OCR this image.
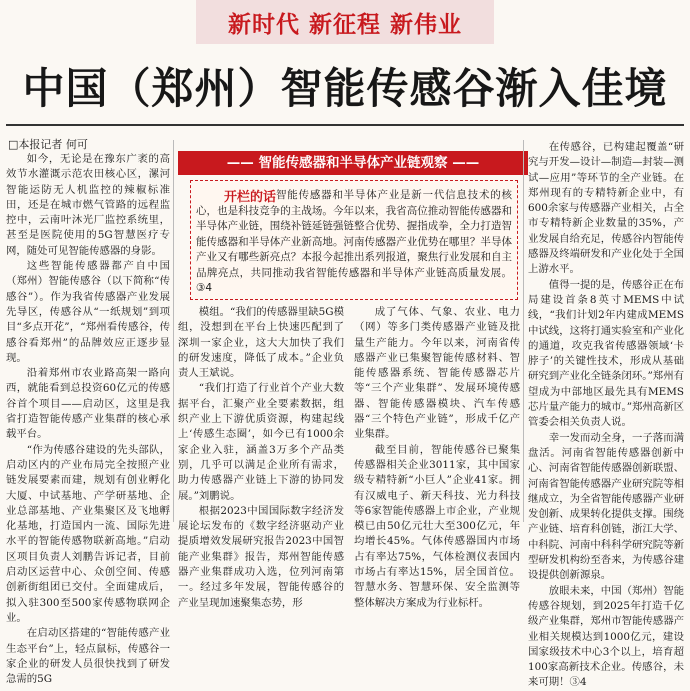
新时代 新征程 新伟业
中国（郑州）智能传感谷渐入佳境
□本报记者 何可
—— 智能传感器和半导体产业链观察 ——
智能传感器和半导体产业是新一代信息技术的核心，也是科技竞争的主战场。今年以来，我省高位推动智能传感器和半导体产业链，围绕补链延链强链整合优势、握指成拳，全力打造智能传感器和半导体产业新高地。河南传感器产业优势在哪里？半导体产业又有哪些新亮点？本报今起推出系列报道，聚焦行业发展和自主品牌亮点，共同推动我省智能传感器和半导体产业链高质量发展。③4
开栏的话

如今，无论是在豫东广袤的高效节水灌溉示范农田核心区，漯河智能运防无人机监控的辣椒标准田，还是在城市燃气管路的远程监控中，云南叶沐光厂监控系统里，甚至是医院使用的5G智慧医疗专网，随处可见智能传感器的身影。

这些智能传感器都产自中国（郑州）智能传感谷（以下简称“传感谷”）。作为我省传感器产业发展先导区，传感谷从“一纸规划”到项目“多点开花”，“郑州看传感谷，传感谷看郑州”的品牌效应正逐步显现。

沿着郑州市农业路高架一路向西，就能看到总投资60亿元的传感谷首个项目——启动区，这里是我省打造智能传感产业集群的核心承载平台。

“作为传感谷建设的先头部队，启动区内的产业布局完全按照产业链发展要素而建，规划有创业孵化大厦、中试基地、产学研基地、企业总部基地、产业集聚区及飞地孵化基地，打造国内一流、国际先进水平的智能传感物联新高地。”启动区项目负责人刘鹏告诉记者，目前启动区运营中心、众创空间、传感创新街组团已交付。全面建成后，拟入驻300至500家传感物联网企业。

在启动区搭建的“智能传感产业生态平台”上，轻点鼠标，传感谷一家企业的研发人员很快找到了研发急需的5G

模组。“我们的传感器里缺5G模组，没想到在平台上快速匹配到了深圳一家企业，这大大加快了我们的研发速度，降低了成本。”企业负责人王斌说。

“我们打造了行业首个产业大数据平台，汇聚产业全要素数据，组织产业上下游优质资源，构建起线上‘传感生态圈’，如今已有1000余家企业入驻，涵盖3万多个产品类别，几乎可以满足企业所有需求，助力传感器产业链上下游的协同发展。”刘鹏说。

根据2023中国国际数字经济发展论坛发布的《数字经济驱动产业提质增效发展研究报告2023中国智能产业集群》报告，郑州智能传感器产业集群成功入选，位列河南第一。经过多年发展，智能传感谷的产业呈现加速聚集态势，形

成了气体、气象、农业、电力（网）等多门类传感器产业链及批量生产能力。今年以来，河南省传感器产业已集聚智能传感材料、智能传感器系统、智能传感器芯片等“三个产业集群”、发展环境传感器、智能传感器模块、汽车传感器“三个特色产业链”，形成千亿产业集群。

截至目前，智能传感谷已聚集传感器相关企业3011家，其中国家级专精特新“小巨人”企业41家。拥有汉威电子、新天科技、光力科技等6家智能传感器上市企业，产业规模已由50亿元壮大至300亿元，年均增长45%。气体传感器国内市场占有率达75%，气体检测仪表国内市场占有率达15%，居全国首位。智慧水务、智慧环保、安全监测等整体解决方案成为行业标杆。

在传感谷，已构建起覆盖“研究与开发—设计—制造—封装—测试—应用”等环节的全产业链。在郑州现有的专精特新企业中，有600余家与传感器产业相关，占全市专精特新企业数量的35%，产业发展自给充足，传感谷内智能传感器及终端研发和产业化处于全国上游水平。

值得一提的是，传感谷正在布局建设首条8英寸MEMS中试线，“我们计划2年内建成MEMS中试线，这将打通实验室和产业化的通道，攻克我省传感器领域‘卡脖子’的关键性技术，形成从基础研究到产业化全链条闭环。”郑州有望成为中部地区最先具有MEMS芯片量产能力的城市。”郑州高新区管委会相关负责人说。

幸一发而动全身，一子落而满盘活。河南省智能传感器创新中心、河南省智能传感器创新联盟、河南省智能传感器产业研究院等相继成立，为全省智能传感器产业研发创新、成果转化提供支撑。围绕产业链、培育科创链，浙江大学、中科院、河南中科科学研究院等新型研发机构纷至沓来，为传感谷建设提供创新源泉。

放眼未来，中国（郑州）智能传感谷规划，到2025年打造千亿级产业集群，郑州市智能传感器产业相关规模达到1000亿元，建设国家级技术中心3个以上，培育超100家高新技术企业。传感谷，未来可期！③4
